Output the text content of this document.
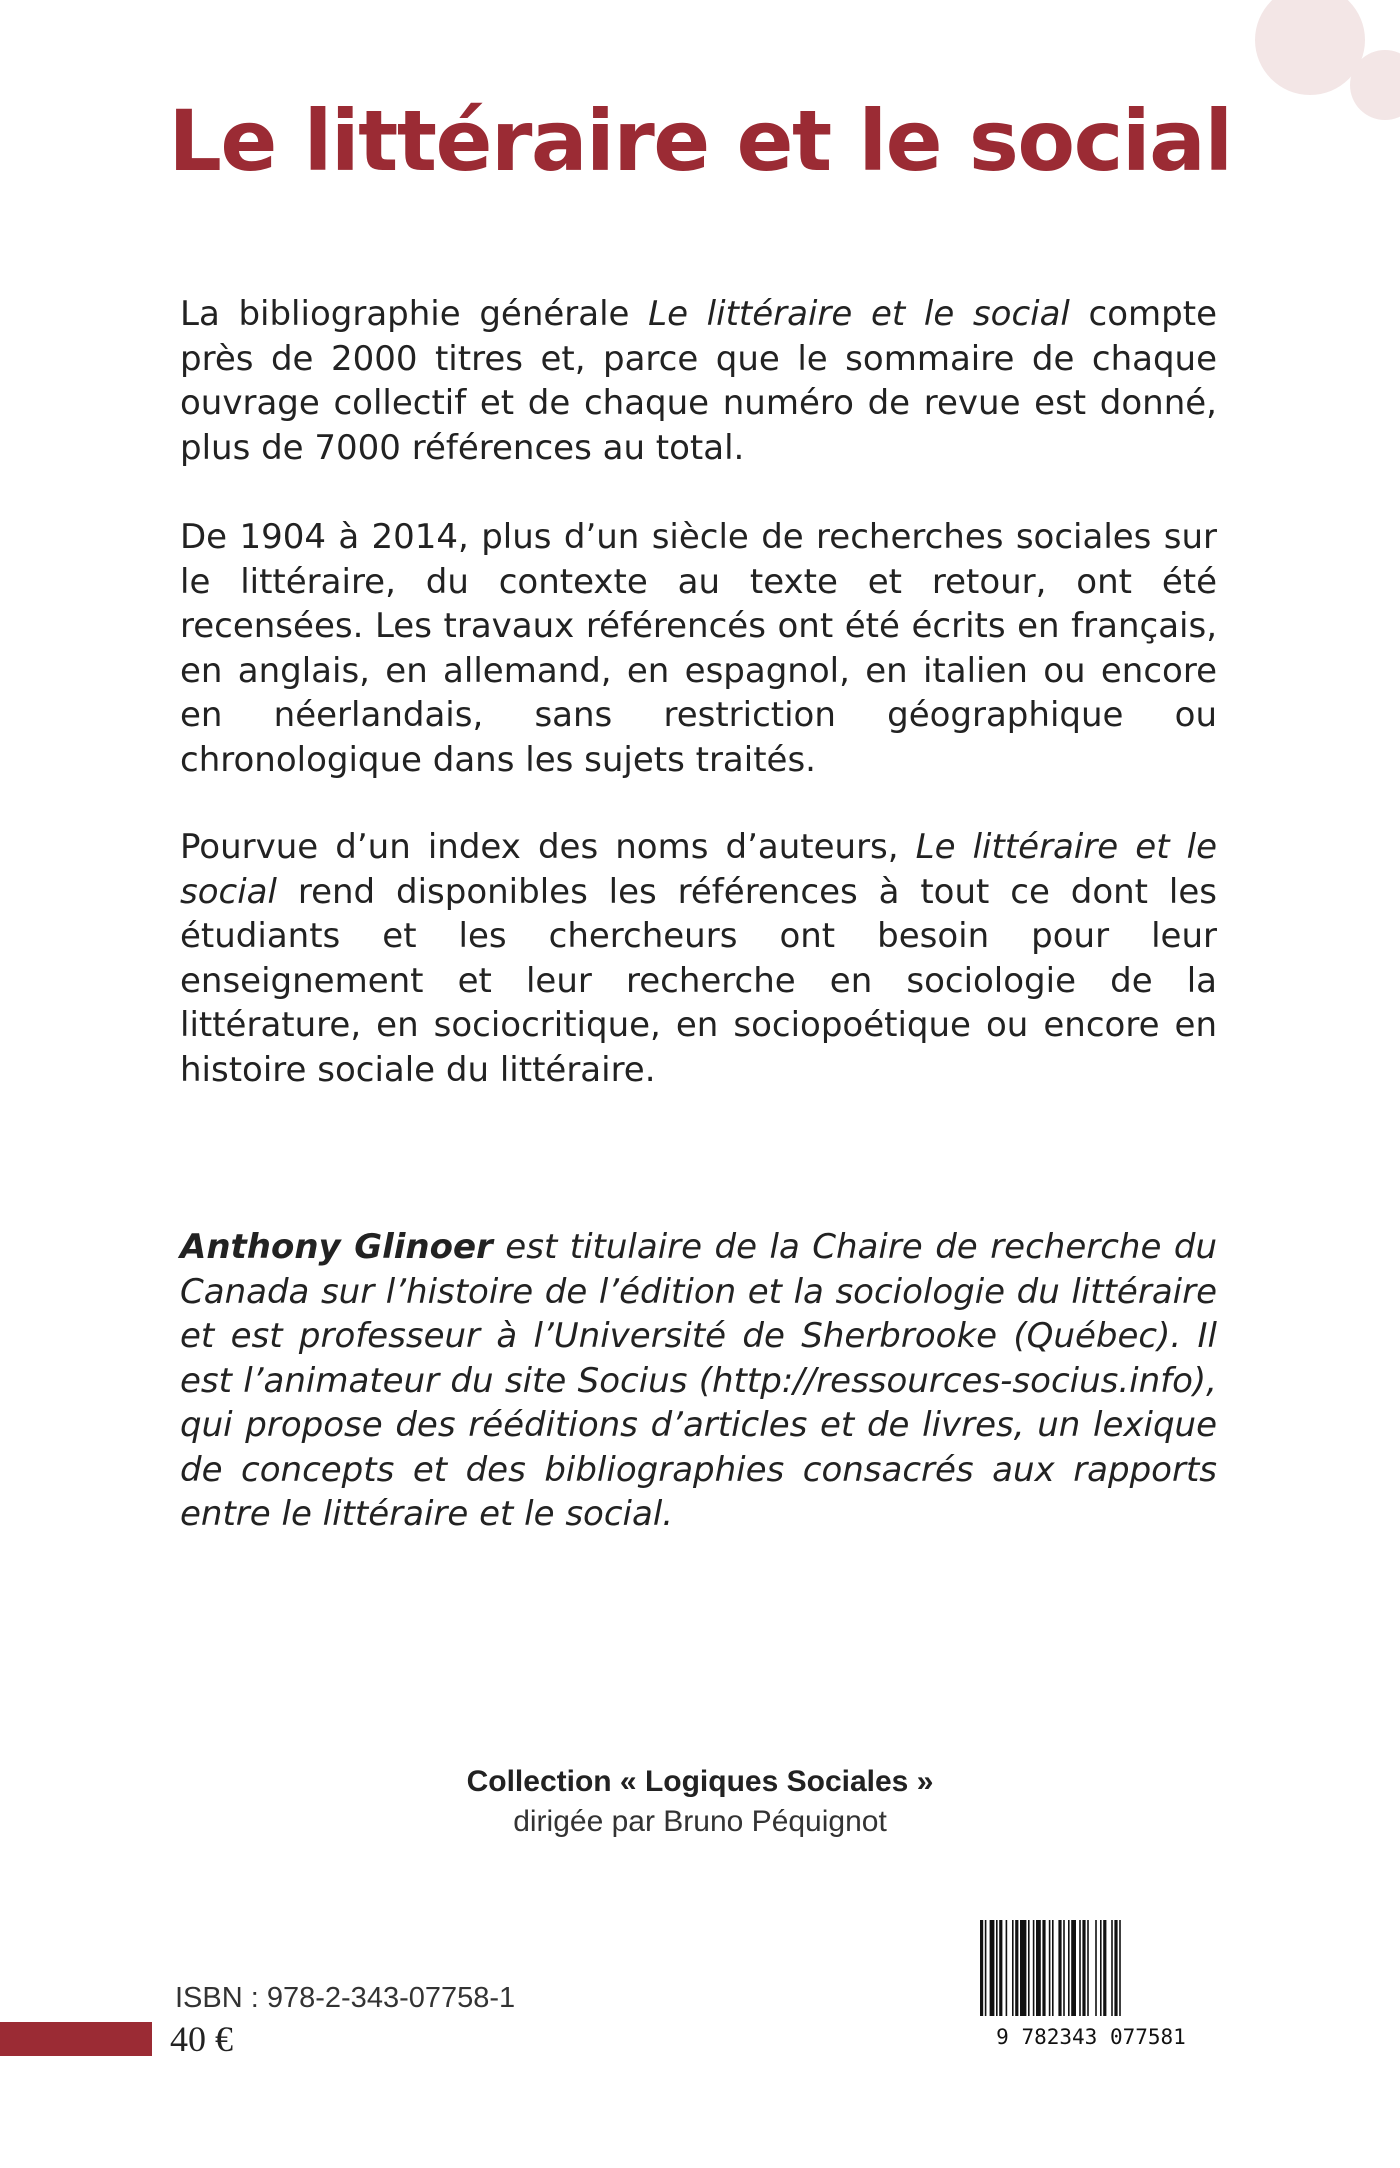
Le littéraire et le social

La bibliographie générale Le littéraire et le social compte près de 2000 titres et, parce que le sommaire de chaque ouvrage collectif et de chaque numéro de revue est donné, plus de 7000 références au total.

De 1904 à 2014, plus d’un siècle de recherches sociales sur le littéraire, du contexte au texte et retour, ont été recensées. Les travaux référencés ont été écrits en français, en anglais, en allemand, en espagnol, en italien ou encore en néerlandais, sans restriction géographique ou chronologique dans les sujets traités.

Pourvue d’un index des noms d’auteurs, Le littéraire et le social rend disponibles les références à tout ce dont les étudiants et les chercheurs ont besoin pour leur enseignement et leur recherche en sociologie de la littérature, en sociocritique, en sociopoétique ou encore en histoire sociale du littéraire.

Anthony Glinoer est titulaire de la Chaire de recherche du Canada sur l’histoire de l’édition et la sociologie du littéraire et est professeur à l’Université de Sherbrooke (Québec). Il est l’animateur du site Socius (http://ressources-socius.info), qui propose des rééditions d’articles et de livres, un lexique de concepts et des bibliographies consacrés aux rapports entre le littéraire et le social.

Collection « Logiques Sociales »
dirigée par Bruno Péquignot
ISBN : 978-2-343-07758-1
40 €	9 782343 077581
